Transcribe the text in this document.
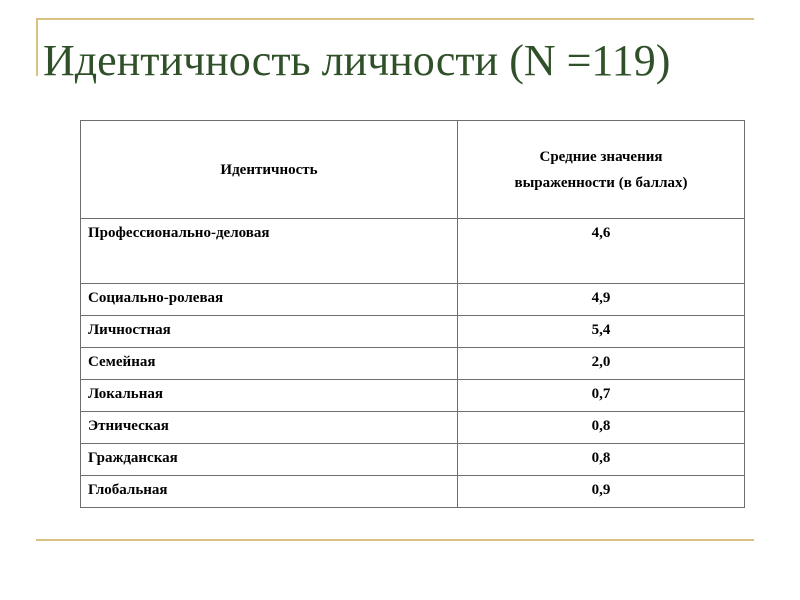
Идентичность личности (N =119)
Идентичность	Средние значения выраженности (в баллах)

Профессионально-деловая	4,6
Социально-ролевая	4,9
Личностная	5,4
Семейная	2,0
Локальная	0,7
Этническая	0,8
Гражданская	0,8
Глобальная	0,9
